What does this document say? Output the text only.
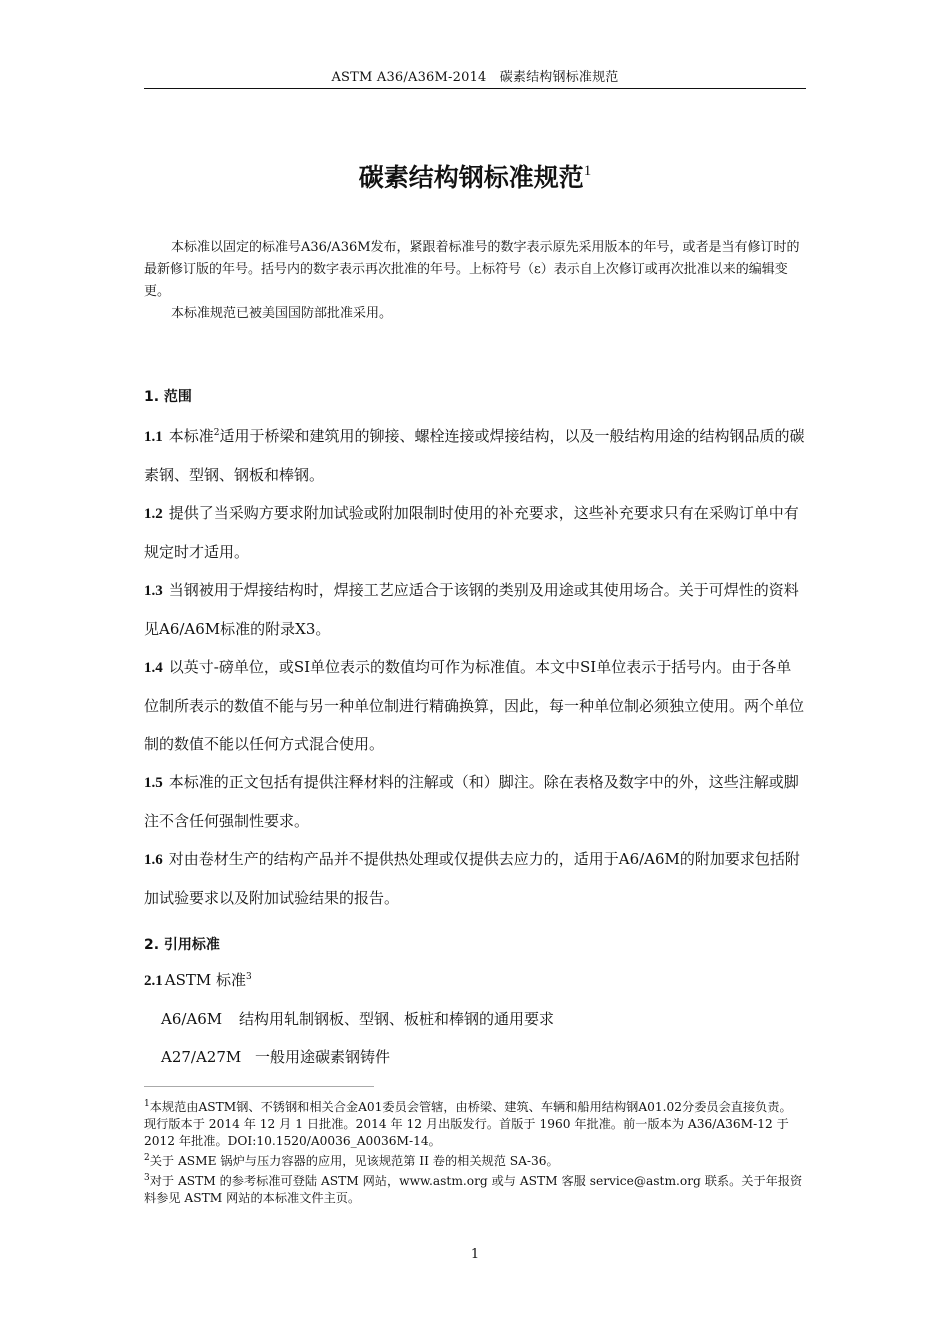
ASTM A36/A36M-2014　碳素结构钢标准规范
碳素结构钢标准规范$^1$

本标准以固定的标准号A36/A36M发布，紧跟着标准号的数字表示原先采用版本的年号，或者是当有修订时的最新修订版的年号。括号内的数字表示再次批准的年号。上标符号（ε）表示自上次修订或再次批准以来的编辑变更。

本标准规范已被美国国防部批准采用。

1. 范围

1.1 本标准$^2$适用于桥梁和建筑用的铆接、螺栓连接或焊接结构，以及一般结构用途的结构钢品质的碳素钢、型钢、钢板和棒钢。

1.2 提供了当采购方要求附加试验或附加限制时使用的补充要求，这些补充要求只有在采购订单中有规定时才适用。

1.3 当钢被用于焊接结构时，焊接工艺应适合于该钢的类别及用途或其使用场合。关于可焊性的资料见A6/A6M标准的附录X3。

1.4 以英寸-磅单位，或SI单位表示的数值均可作为标准值。本文中SI单位表示于括号内。由于各单位制所表示的数值不能与另一种单位制进行精确换算，因此，每一种单位制必须独立使用。两个单位制的数值不能以任何方式混合使用。

1.5 本标准的正文包括有提供注释材料的注解或（和）脚注。除在表格及数字中的外，这些注解或脚注不含任何强制性要求。

1.6 对由卷材生产的结构产品并不提供热处理或仅提供去应力的，适用于A6/A6M的附加要求包括附加试验要求以及附加试验结果的报告。

2. 引用标准

2.1 ASTM 标准$^3$

A6/A6M 结构用轧制钢板、型钢、板桩和棒钢的通用要求

A27/A27M 一般用途碳素钢铸件

$^1$本规范由ASTM钢、不锈钢和相关合金A01委员会管辖，由桥梁、建筑、车辆和船用结构钢A01.02分委员会直接负责。

现行版本于 2014 年 12 月 1 日批准。2014 年 12 月出版发行。首版于 1960 年批准。前一版本为 A36/A36M-12 于 2012 年批准。DOI:10.1520/A0036_A0036M-14。

$^2$关于 ASME 锅炉与压力容器的应用，见该规范第 II 卷的相关规范 SA-36。

$^3$对于 ASTM 的参考标准可登陆 ASTM 网站，www.astm.org 或与 ASTM 客服 service@astm.org 联系。关于年报资料参见 ASTM 网站的本标准文件主页。

1
